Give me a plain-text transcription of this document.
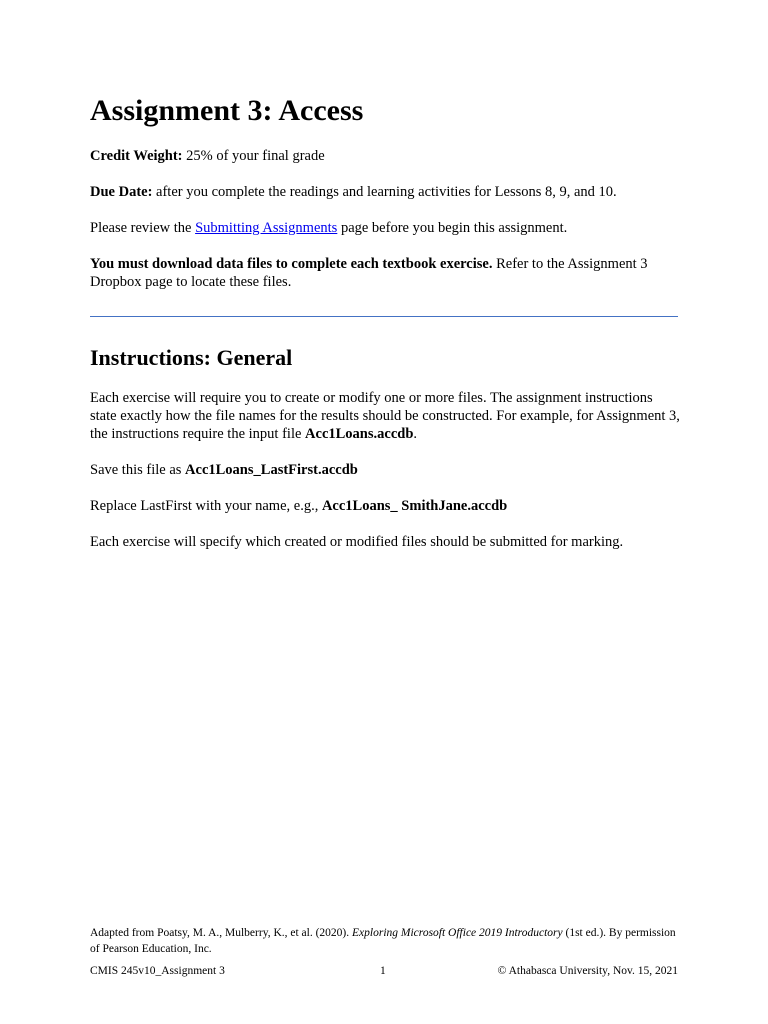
Assignment 3: Access

Credit Weight: 25% of your final grade

Due Date: after you complete the readings and learning activities for Lessons 8, 9, and 10.

Please review the Submitting Assignments page before you begin this assignment.

You must download data files to complete each textbook exercise. Refer to the Assignment 3 Dropbox page to locate these files.

Instructions: General

Each exercise will require you to create or modify one or more files. The assignment instructions state exactly how the file names for the results should be constructed. For example, for Assignment 3, the instructions require the input file Acc1Loans.accdb.

Save this file as Acc1Loans_LastFirst.accdb

Replace LastFirst with your name, e.g., Acc1Loans_ SmithJane.accdb

Each exercise will specify which created or modified files should be submitted for marking.

Adapted from Poatsy, M. A., Mulberry, K., et al. (2020). Exploring Microsoft Office 2019 Introductory (1st ed.). By permission of Pearson Education, Inc.

CMIS 245v10_Assignment 3	1	© Athabasca University, Nov. 15, 2021
